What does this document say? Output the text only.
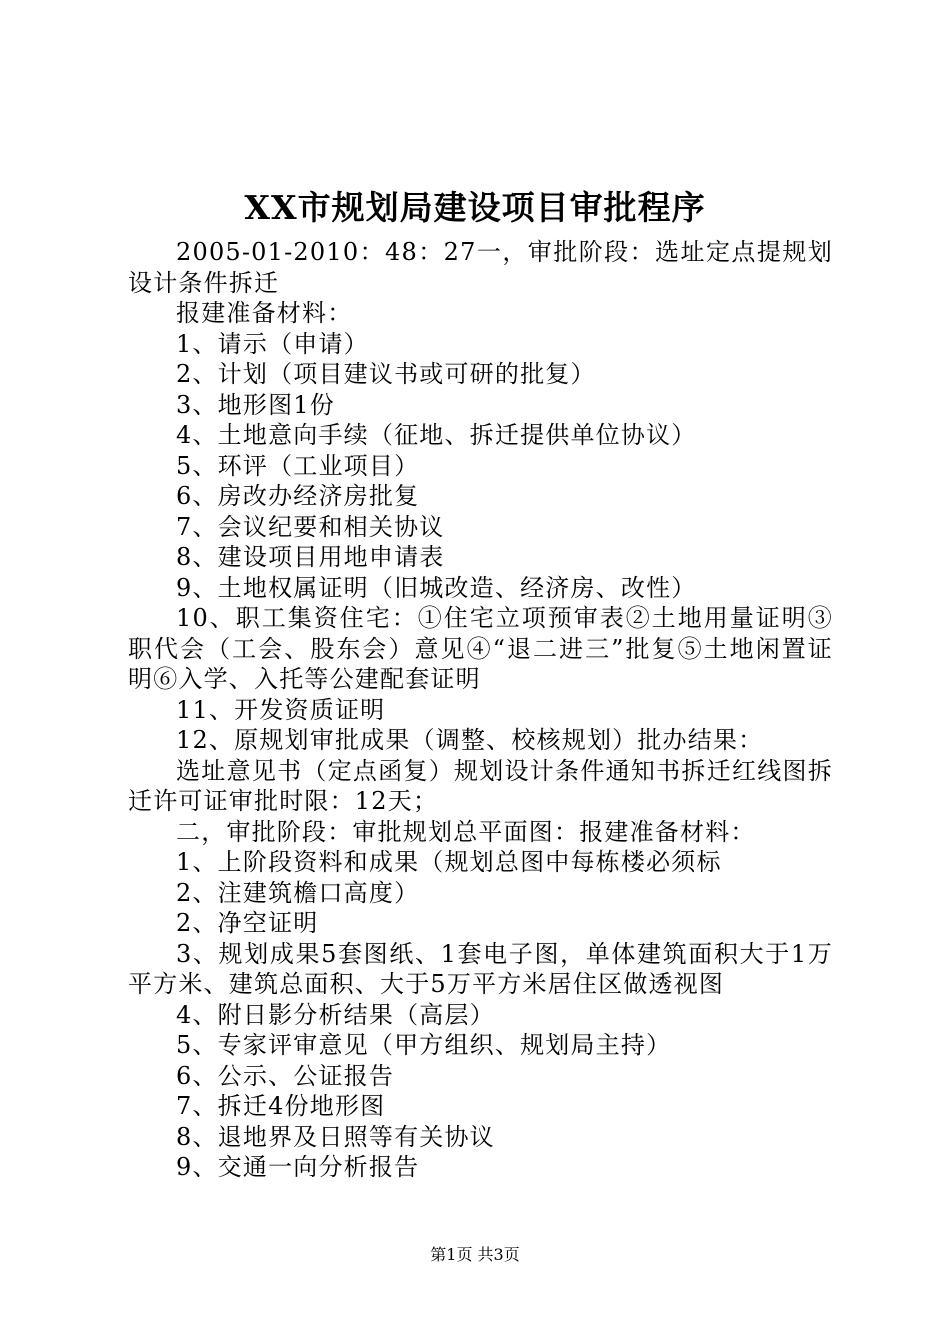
XX市规划局建设项目审批程序

2005-01-2010：48：27一，审批阶段：选址定点提规划设计条件拆迁

报建准备材料：

1、请示（申请）

2、计划（项目建议书或可研的批复）

3、地形图1份

4、土地意向手续（征地、拆迁提供单位协议）

5、环评（工业项目）

6、房改办经济房批复

7、会议纪要和相关协议

8、建设项目用地申请表

9、土地权属证明（旧城改造、经济房、改性）

10、职工集资住宅：①住宅立项预审表②土地用量证明③职代会（工会、股东会）意见④“退二进三”批复⑤土地闲置证明⑥入学、入托等公建配套证明

11、开发资质证明

12、原规划审批成果（调整、校核规划）批办结果：

选址意见书（定点函复）规划设计条件通知书拆迁红线图拆迁许可证审批时限：12天；

二，审批阶段：审批规划总平面图：报建准备材料：

1、上阶段资料和成果（规划总图中每栋楼必须标

2、注建筑檐口高度）

2、净空证明

3、规划成果5套图纸、1套电子图，单体建筑面积大于1万平方米、建筑总面积、大于5万平方米居住区做透视图

4、附日影分析结果（高层）

5、专家评审意见（甲方组织、规划局主持）

6、公示、公证报告

7、拆迁4份地形图

8、退地界及日照等有关协议

9、交通一向分析报告

第1页 共3页
